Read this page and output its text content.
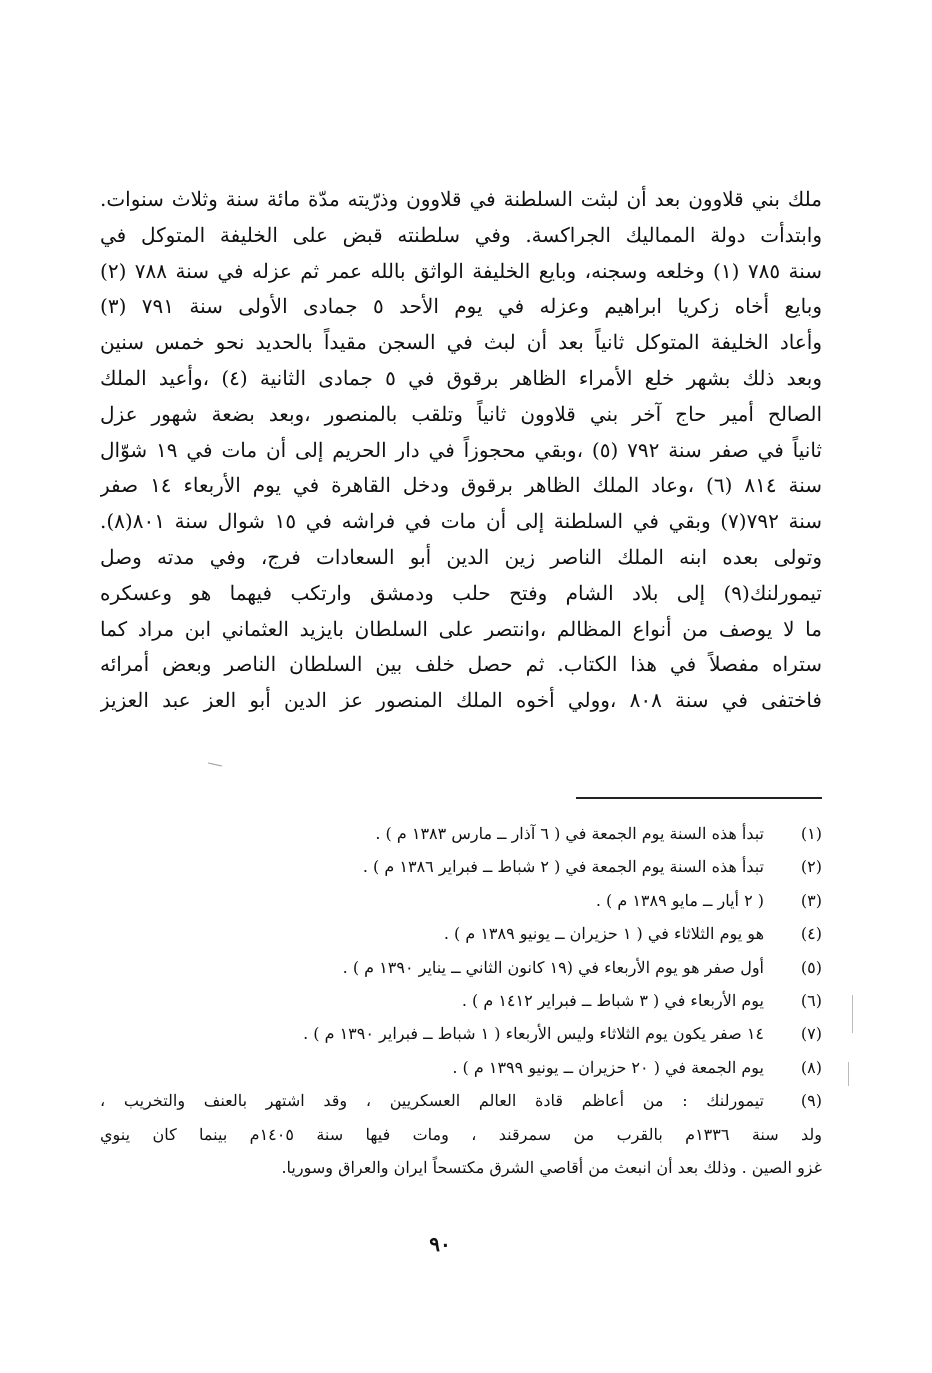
ملك بني قلاوون بعد أن لبثت السلطنة في قلاوون وذرّيته مدّة مائة سنة وثلاث سنوات.
وابتدأت دولة المماليك الجراكسة. وفي سلطنته قبض على الخليفة المتوكل في
سنة ٧٨٥ (١) وخلعه وسجنه، وبايع الخليفة الواثق بالله عمر ثم عزله في سنة ٧٨٨ (٢)
وبايع أخاه زكريا ابراهيم وعزله في يوم الأحد ٥ جمادى الأولى سنة ٧٩١ (٣)
وأعاد الخليفة المتوكل ثانياً بعد أن لبث في السجن مقيداً بالحديد نحو خمس سنين
وبعد ذلك بشهر خلع الأمراء الظاهر برقوق في ٥ جمادى الثانية (٤) ،وأعيد الملك
الصالح أمير حاج آخر بني قلاوون ثانياً وتلقب بالمنصور ،وبعد بضعة شهور عزل
ثانياً في صفر سنة ٧٩٢ (٥) ،وبقي محجوزاً في دار الحريم إلى أن مات في ١٩ شوّال
سنة ٨١٤ (٦) ،وعاد الملك الظاهر برقوق ودخل القاهرة في يوم الأربعاء ١٤ صفر
سنة ٧٩٢(٧) وبقي في السلطنة إلى أن مات في فراشه في ١٥ شوال سنة ٨٠١(٨).
وتولى بعده ابنه الملك الناصر زين الدين أبو السعادات فرج، وفي مدته وصل
تيمورلنك(٩) إلى بلاد الشام وفتح حلب ودمشق وارتكب فيهما هو وعسكره
ما لا يوصف من أنواع المظالم ،وانتصر على السلطان بايزيد العثماني ابن مراد كما
ستراه مفصلاً في هذا الكتاب. ثم حصل خلف بين السلطان الناصر وبعض أمرائه
فاختفى في سنة ٨٠٨ ،وولي أخوه الملك المنصور عز الدين أبو العز عبد العزيز
(١)
تبدأ هذه السنة يوم الجمعة في ( ٦ آذار ــ مارس ١٣٨٣ م ) .
(٢)
تبدأ هذه السنة يوم الجمعة في ( ٢ شباط ــ فبراير ١٣٨٦ م ) .
(٣)
( ٢ أيار ــ مايو ١٣٨٩ م ) .
(٤)
هو يوم الثلاثاء في ( ١ حزيران ــ يونيو ١٣٨٩ م ) .
(٥)
أول صفر هو يوم الأربعاء في (١٩ كانون الثاني ــ يناير ١٣٩٠ م ) .
(٦)
يوم الأربعاء في ( ٣ شباط ــ فبراير ١٤١٢ م ) .
(٧)
١٤ صفر يكون يوم الثلاثاء وليس الأربعاء ( ١ شباط ــ فبراير ١٣٩٠ م ) .
(٨)
يوم الجمعة في ( ٢٠ حزيران ــ يونيو ١٣٩٩ م ) .
(٩)
تيمورلنك : من أعاظم قادة العالم العسكريين ، وقد اشتهر بالعنف والتخريب ،
ولد سنة ١٣٣٦م بالقرب من سمرقند ، ومات فيها سنة ١٤٠٥م بينما كان ينوي
غزو الصين . وذلك بعد أن انبعث من أقاصي الشرق مكتسحاً ايران والعراق وسوريا.
٩٠
